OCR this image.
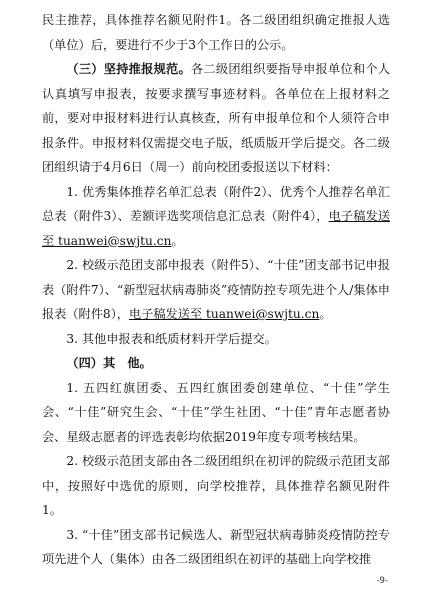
民主推荐，具体推荐名额见附件1。各二级团组织确定推报人选（单位）后，要进行不少于3个工作日的公示。

（三）坚持推报规范。各二级团组织要指导申报单位和个人认真填写申报表，按要求撰写事迹材料。各单位在上报材料之前，要对申报材料进行认真核查，所有申报单位和个人须符合申报条件。申报材料仅需提交电子版，纸质版开学后提交。各二级团组织请于4月6日（周一）前向校团委报送以下材料：

1. 优秀集体推荐名单汇总表（附件2）、优秀个人推荐名单汇总表（附件3）、差额评选奖项信息汇总表（附件4），电子稿发送至 tuanwei@swjtu.cn。

2. 校级示范团支部申报表（附件5）、“十佳”团支部书记申报表（附件7）、“新型冠状病毒肺炎”疫情防控专项先进个人/集体申报表（附件8），电子稿发送至 tuanwei@swjtu.cn。

3. 其他申报表和纸质材料开学后提交。

（四）其　他。

1. 五四红旗团委、五四红旗团委创建单位、“十佳”学生会、“十佳”研究生会、“十佳”学生社团、“十佳”青年志愿者协会、星级志愿者的评选表彰均依据2019年度专项考核结果。

2. 校级示范团支部由各二级团组织在初评的院级示范团支部中，按照好中选优的原则，向学校推荐，具体推荐名额见附件1。

3. “十佳”团支部书记候选人、新型冠状病毒肺炎疫情防控专项先进个人（集体）由各二级团组织在初评的基础上向学校推

-9-
